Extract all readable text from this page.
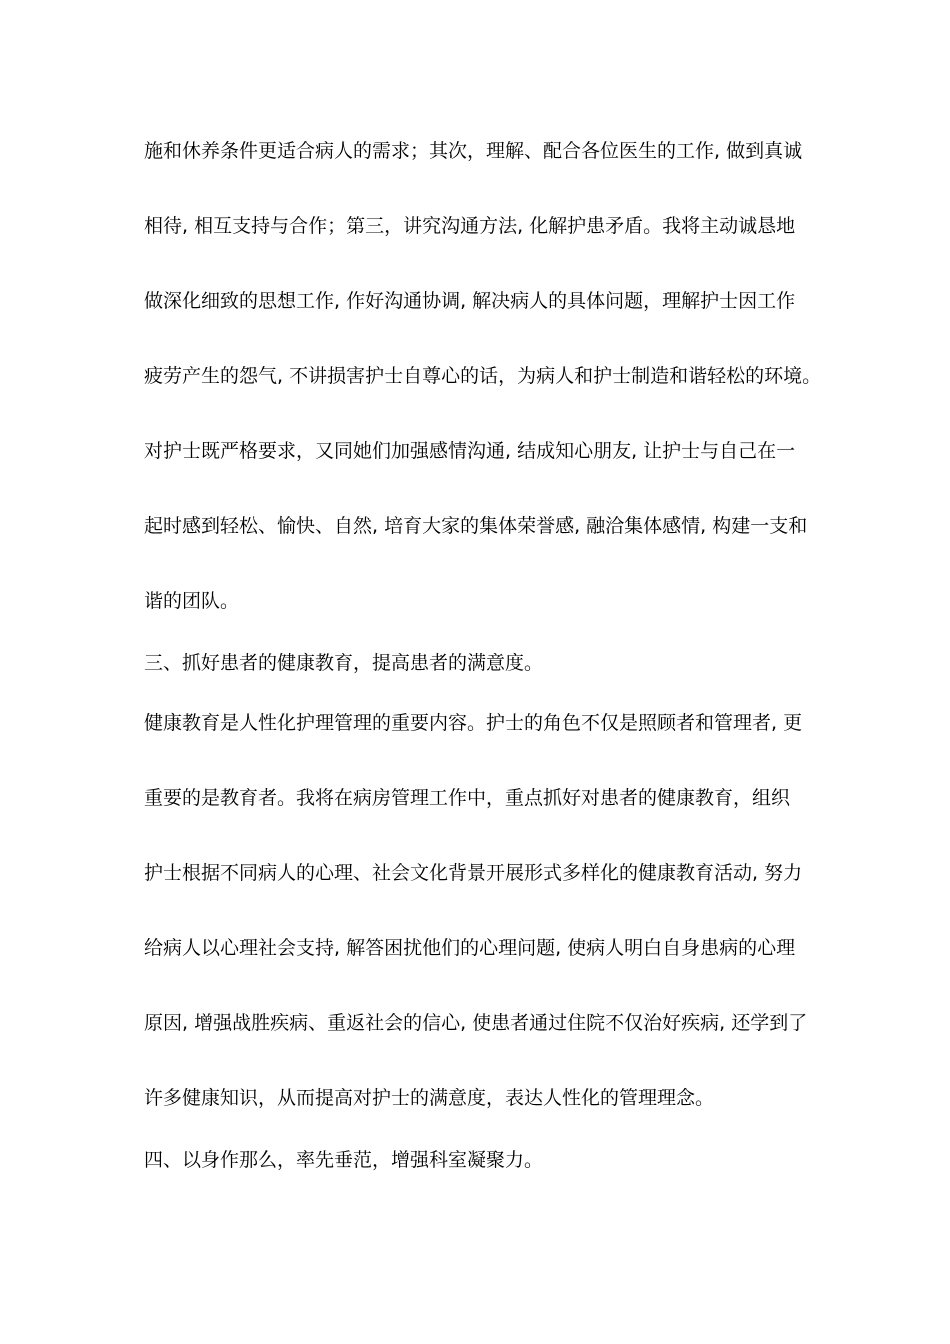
施和休养条件更适合病人的需求；其次，理解、配合各位医生的工作, 做到真诚
相待, 相互支持与合作；第三，讲究沟通方法, 化解护患矛盾。我将主动诚恳地
做深化细致的思想工作, 作好沟通协调, 解决病人的具体问题，理解护士因工作
疲劳产生的怨气, 不讲损害护士自尊心的话，为病人和护士制造和谐轻松的环境。
对护士既严格要求，又同她们加强感情沟通, 结成知心朋友, 让护士与自己在一
起时感到轻松、愉快、自然, 培育大家的集体荣誉感, 融洽集体感情, 构建一支和
谐的团队。
三、抓好患者的健康教育，提高患者的满意度。
健康教育是人性化护理管理的重要内容。护士的角色不仅是照顾者和管理者, 更
重要的是教育者。我将在病房管理工作中，重点抓好对患者的健康教育，组织
护士根据不同病人的心理、社会文化背景开展形式多样化的健康教育活动, 努力
给病人以心理社会支持, 解答困扰他们的心理问题, 使病人明白自身患病的心理
原因, 增强战胜疾病、重返社会的信心, 使患者通过住院不仅治好疾病, 还学到了
许多健康知识，从而提高对护士的满意度，表达人性化的管理理念。
四、以身作那么，率先垂范，增强科室凝聚力。
